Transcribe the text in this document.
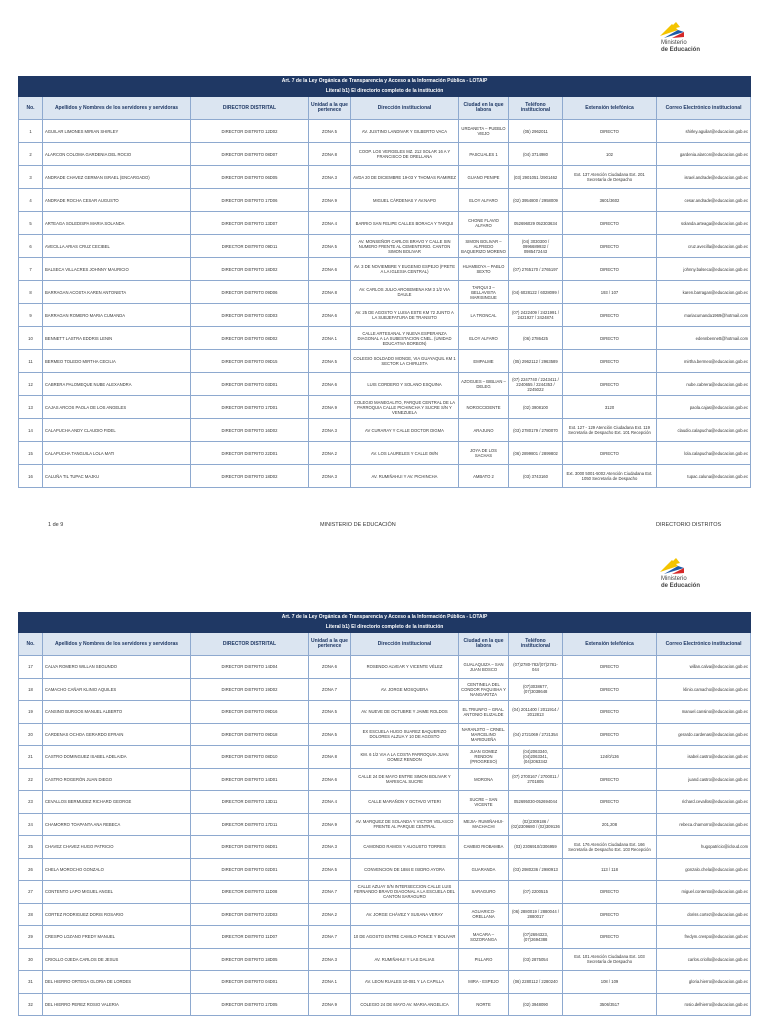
Ministerio
de Educación
Art. 7 de la Ley Orgánica de Transparencia y Acceso a la Información Pública - LOTAIP								
Literal b1) El directorio completo de la institución								
No.	Apellidos y Nombres de los servidores y servidoras	DIRECTOR DISTRITAL	Unidad a la que pertenece	Dirección institucional	Ciudad en la que labora	Teléfono institucional	Extensión telefónica	Correo Electrónico institucional
1	AGUILAR LIMONES MIRIAN SHIRLEY	DIRECTOR DISTRITO 12D02	ZONA 5	AV. JUSTINO LANDIVAR Y GILBERTO VACA	URDANETA – PUEBLO VIEJO	(05) 2962011	DIRECTO	shirley.aguilar@educacion.gob.ec
2	ALARCON COLOMA GARDENIA DEL ROCIO	DIRECTOR DISTRITO 08D07	ZONA 8	COOP. LOS VERGELES MZ. 212 SOLAR 16 A Y FRANCISCO DE ORELLANA	PASCUALES 1	(04) 3714980	102	gardenia.alarcon@educacion.gob.ec
3	ANDRADE CHAVEZ GERMAN ISRAEL (ENCARGADO)	DIRECTOR DISTRITO 06D05	ZONA 3	AVDA 20 DE DICIEMBRE 19-03 Y THOMAS RAMIREZ	GUANO PENIPE	(03) 2901051 /2901462	Ext. 137 Atención Ciudadana Ext. 201 Secretaría de Despacho	israel.andrade@educacion.gob.ec
4	ANDRADE ROCHA CESAR AUGUSTO	DIRECTOR DISTRITO 17D06	ZONA 9	MIGUEL CÁRDENAS Y AV.NAPO	ELOY ALFARO	(02) 3954800 / 2958009	3601/3602	cesar.andrade@educacion.gob.ec
5	ARTEAGA SOLEDISPA MARIA SOLANDA	DIRECTOR DISTRITO 13D07	ZONA 4	BARRIO SAN FELIPE CALLES BORACA Y TARQUI	CHONE FLAVIO ALFARO	052696029 052303634	DIRECTO	solanda.arteaga@educacion.gob.ec
6	AVECILLA ARIAS CRUZ CECIBEL	DIRECTOR DISTRITO 09D11	ZONA 5	AV. MONSEÑOR CARLOS BRAVO Y CALLE SIN NUMERO FRENTE AL CEMENTERIO. CANTON SIMON BOLIVAR	SIMON BOLIVAR – ALFREDO BAQUERIZO MORENO	(04) 3030300 / 0996689932 / 0985472443	DIRECTO	cruz.avecilla@educacion.gob.ec
7	BALSECA VILLACRES JOHNNY MAURICIO	DIRECTOR DISTRITO 18D02	ZONA 6	AV. 3 DE NOVIEMBRE Y EUGENIO ESPEJO (FRETE A LA IGLESIA CENTRAL)	HUAMBOYA – PABLO SEXTO	(07) 2765170 / 2765197	DIRECTO	johnny.balseca@educacion.gob.ec
8	BARRAGAN ACOSTA KAREN ANTONIETA	DIRECTOR DISTRITO 09D06	ZONA 8	AV. CARLOS JULIO AROSEMENA KM 3 1/2 VIA DAULE	TARQUI 3 – BELLAVISTA MARISINGUE	(04) 6028122 / 6028099 /	193 / 107	karen.barragan@educacion.gob.ec
9	BARRAGAN ROMERO MARIA CUMANDA	DIRECTOR DISTRITO 03D03	ZONA 6	AV. 25 DE AGOSTO Y LUISA ESTE KM 72 JUNTO A LA SUBJEFATURA DE TRANSITO	LA TRONCAL	(07) 2422409 / 2421991 / 2421927 / 2424874	DIRECTO	mariacumanda1969@hotmail.com
10	BENNETT LASTRA EDDRIS LENIN	DIRECTOR DISTRITO 08D02	ZONA 1	CALLE ARTESANAL Y NUEVA ESPERANZA DIAGONAL A LA SUBESTACION CNEL. (UNIDAD EDUCATIVA BORBON)	ELOY ALFARO	(06) 2786425	DIRECTO	edennbennett@hotmail.com
11	BERMEO TOLEDO MIRTHA CECILIA	DIRECTOR DISTRITO 09D15	ZONA 5	COLEGIO SOLDADO MONGE, VIA GUAYAQUIL KM 1 SECTOR LA CHIRUJITA	EMPALME	(05) 2962112 / 2963589	DIRECTO	mirtha.bermeo@educacion.gob.ec
12	CABRERA PALOMEQUE NUBE ALEXANDRA	DIRECTOR DISTRITO 03D01	ZONA 6	LUIS CORDERO Y SOLANO ESQUINA	AZOGUES – BIBLIAN – DELEG	(07) 2247740 / 2243411 / 2240655 / 2244353 / 2245022	DIRECTO	nube.cabrera@educacion.gob.ec
13	CAJAS ARCOS PAOLA DE LOS ANGELES	DIRECTOR DISTRITO 17D01	ZONA 9	COLEGIO MANEGALITO, PARQUE CENTRAL DE LA PARROQUIA CALLE PICHINCHA Y SUCRE S/N Y VENEZUELA	NOROCCIDENTE	(02) 3908100	3120	paola.cajas@educacion.gob.ec
14	CALAPUCHA ANDY CLAUDIO FIDEL	DIRECTOR DISTRITO 16D02	ZONA 3	AV CURARAY Y CALLE DOCTOR DIGMA	ARAJUNO	(03) 2780179 / 2780070	Ext. 127 - 129 Atención Ciudadana Ext. 119 Secretaría de Despacho Ext. 101 Recepción	claudio.calapucha@educacion.gob.ec
15	CALAPUCHA TANGUILA LOLA MATI	DIRECTOR DISTRITO 22D01	ZONA 2	AV. LOS LAURELES Y CALLE 08/N	JOYA DE LOS SACHAS	(06) 2899801 / 2899802	DIRECTO	lola.calapucha@educacion.gob.ec
16	CALUÑA TIL TUPAC MAJKU	DIRECTOR DISTRITO 18D02	ZONA 3	AV. RUMIÑAHUI Y AV. PICHINCHA	AMBATO 2	(03) 3743160	Ext. 3000 5001-5002 Atención Ciudadana Ext. 1050 Secretaría de Despacho	tupac.caluna@educacion.gob.ec
1 de 9	MINISTERIO DE EDUCACIÓN	DIRECTORIO DISTRITOS
Ministerio
de Educación
Art. 7 de la Ley Orgánica de Transparencia y Acceso a la Información Pública - LOTAIP								
Literal b1) El directorio completo de la institución								
No.	Apellidos y Nombres de los servidores y servidoras	DIRECTOR DISTRITAL	Unidad a la que pertenece	Dirección institucional	Ciudad en la que labora	Teléfono institucional	Extensión telefónica	Correo Electrónico institucional
17	CALVA ROMERO WILLAN SEGUNDO	DIRECTOR DISTRITO 14D04	ZONA 6	ROSENDO ALVEAR Y VICENTE VÉLEZ	GUALAQUIZA – SAN JUAN BOSCO	(07)2780-782/(07)2781-044	DIRECTO	willan.calva@educacion.gob.ec
18	CAMACHO CAÑAR KLINIO AQUILES	DIRECTOR DISTRITO 19D02	ZONA 7	AV. JORGE MOSQUERA	CENTINELA DEL CONDOR PAQUISHA Y NANGARITZA	(07)3038677, (07)3038648	DIRECTO	klinio.camacho@educacion.gob.ec
19	CANSINO BURGOS MANUEL ALBERTO	DIRECTOR DISTRITO 09D16	ZONA 5	AV. NUEVE DE OCTUBRE Y JAIME ROLDOS	EL TRIUNFO – GRAL. ANTONIO ELIZALDE	(04) 2011400 / 2011914 / 2012813	DIRECTO	manuel.cansino@educacion.gob.ec
20	CARDENAS OCHOA GERARDO EFRAIN	DIRECTOR DISTRITO 09D18	ZONA 5	EX ESCUELA HUGO SUAREZ BAQUERIZO DOLORES ALZUA Y 10 DE AGOSTO	NARANJITO – CRNEL. MARCELINO MARIDUEÑA	(04) 2721069 / 2721354	DIRECTO	gerardo.cardenas@educacion.gob.ec
21	CASTRO DOMINGUEZ ISABEL ADELAIDA	DIRECTOR DISTRITO 08D10	ZONA 8	KM. 6 1/2 VIA A LA COSTA PARROQUIA JUAN GOMEZ RENDON	JUAN GOMEZ RENDON (PROGRESO)	(04)2063340, (04)2063341, (04)2063342	124/0/136	isabel.castro@educacion.gob.ec
22	CASTRO ROGERÓN JUAN DIEGO	DIRECTOR DISTRITO 14D01	ZONA 6	CALLE 24 DE MAYO ENTRE SIMON BOLIVAR Y MARISCAL SUCRE	MORONA	(07) 2700167 / 2700011 / 2701805	DIRECTO	juand.castro@educacion.gob.ec
23	CEVALLOS BERMUDEZ RICHARD GEORGE	DIRECTOR DISTRITO 13D11	ZONA 4	CALLE MARAÑON Y OCTAVO VITERI	SUCRE – SAN VICENTE	052695030-052694044	DIRECTO	richard.cevallos@educacion.gob.ec
24	CHAMORRO TOAPANTA ANA REBECA	DIRECTOR DISTRITO 17D11	ZONA 9	AV. MARQUEZ DE SOLANDA Y VICTOR VELASCO FRENTE AL PARQUE CENTRAL	MEJIA- RUMIÑAHUI- MACHACHI	(02)2309186 / (02)2309680 / (02)309136	201,208	rebeca.chamorro@educacion.gob.ec
25	CHAVEZ CHAVEZ HUGO PATRICIO	DIRECTOR DISTRITO 06D01	ZONA 3	CAMONDO RAMOS Y AUGUSTO TORRES	CAMBIO RIOBAMBA	(03) 2306910/2306959	Ext. 176 Atención Ciudadana Ext. 166 Secretaría de Despacho Ext. 103 Recepción	hugopatricio@icloud.com
26	CHELA MOROCHO GONZALO	DIRECTOR DISTRITO 02D01	ZONA 5	CONVENCION DE 1884 E ISIDRO AYORA	GUARANDA	(03) 2980236 / 2980913	113 / 118	gonzalo.chela@educacion.gob.ec
27	CONTENTO LAPO MIGUEL ANGEL	DIRECTOR DISTRITO 11D08	ZONA 7	CALLE AZUAY S/N INTERSECCION CALLE LUIS FERNANDO BRAVO DIAGONAL A LA ESCUELA DEL CANTON SARAGURO	SARAGURO	(07) 2200515	DIRECTO	miguel.contento@educacion.gob.ec
28	CORTEZ RODRIGUEZ DORIS ROSARIO	DIRECTOR DISTRITO 22D03	ZONA 2	AV. JORGE CHÁVEZ Y SUSANA VERAY	AGUARICO- ORELLANA	(06) 2880019 / 2880044 / 2880017	DIRECTO	doriss.cortez@educacion.gob.ec
29	CRESPO LOZANO FREDY MANUEL	DIRECTOR DISTRITO 11D07	ZONA 7	10 DE AGOSTO ENTRE CAMILO PONCE Y BOLIVAR	MACARA – SOZORANGA	(07)2694323, (07)2694388	DIRECTO	fredym.crespo@educacion.gob.ec
30	CRIOLLO OJEDA CARLOS DE JESUS	DIRECTOR DISTRITO 18D05	ZONA 3	AV. RUMIÑAHUI Y LAS DALIAS	PILLARO	(03) 2875054	Ext. 101 Atención Ciudadana Ext. 103 Secretaría de Despacho	carlos.criollo@educacion.gob.ec
31	DEL HIERRO ORTEGA GLORIA DE LORDES	DIRECTOR DISTRITO 04D01	ZONA 1	AV. LEON RUALES 10-081 Y LA CAPILLA	MIRA - ESPEJO	(06) 2280112 / 2280240	108 / 109	gloria.hierro@educacion.gob.ec
32	DEL HIERRO PEREZ ROSIO VALERIA	DIRECTOR DISTRITO 17D05	ZONA 9	COLEGIO 24 DE MAYO AV. MARIA ANGELICA	NORTE	(02) 3948090	3506/3517	rosio.delhierro@educacion.gob.ec
